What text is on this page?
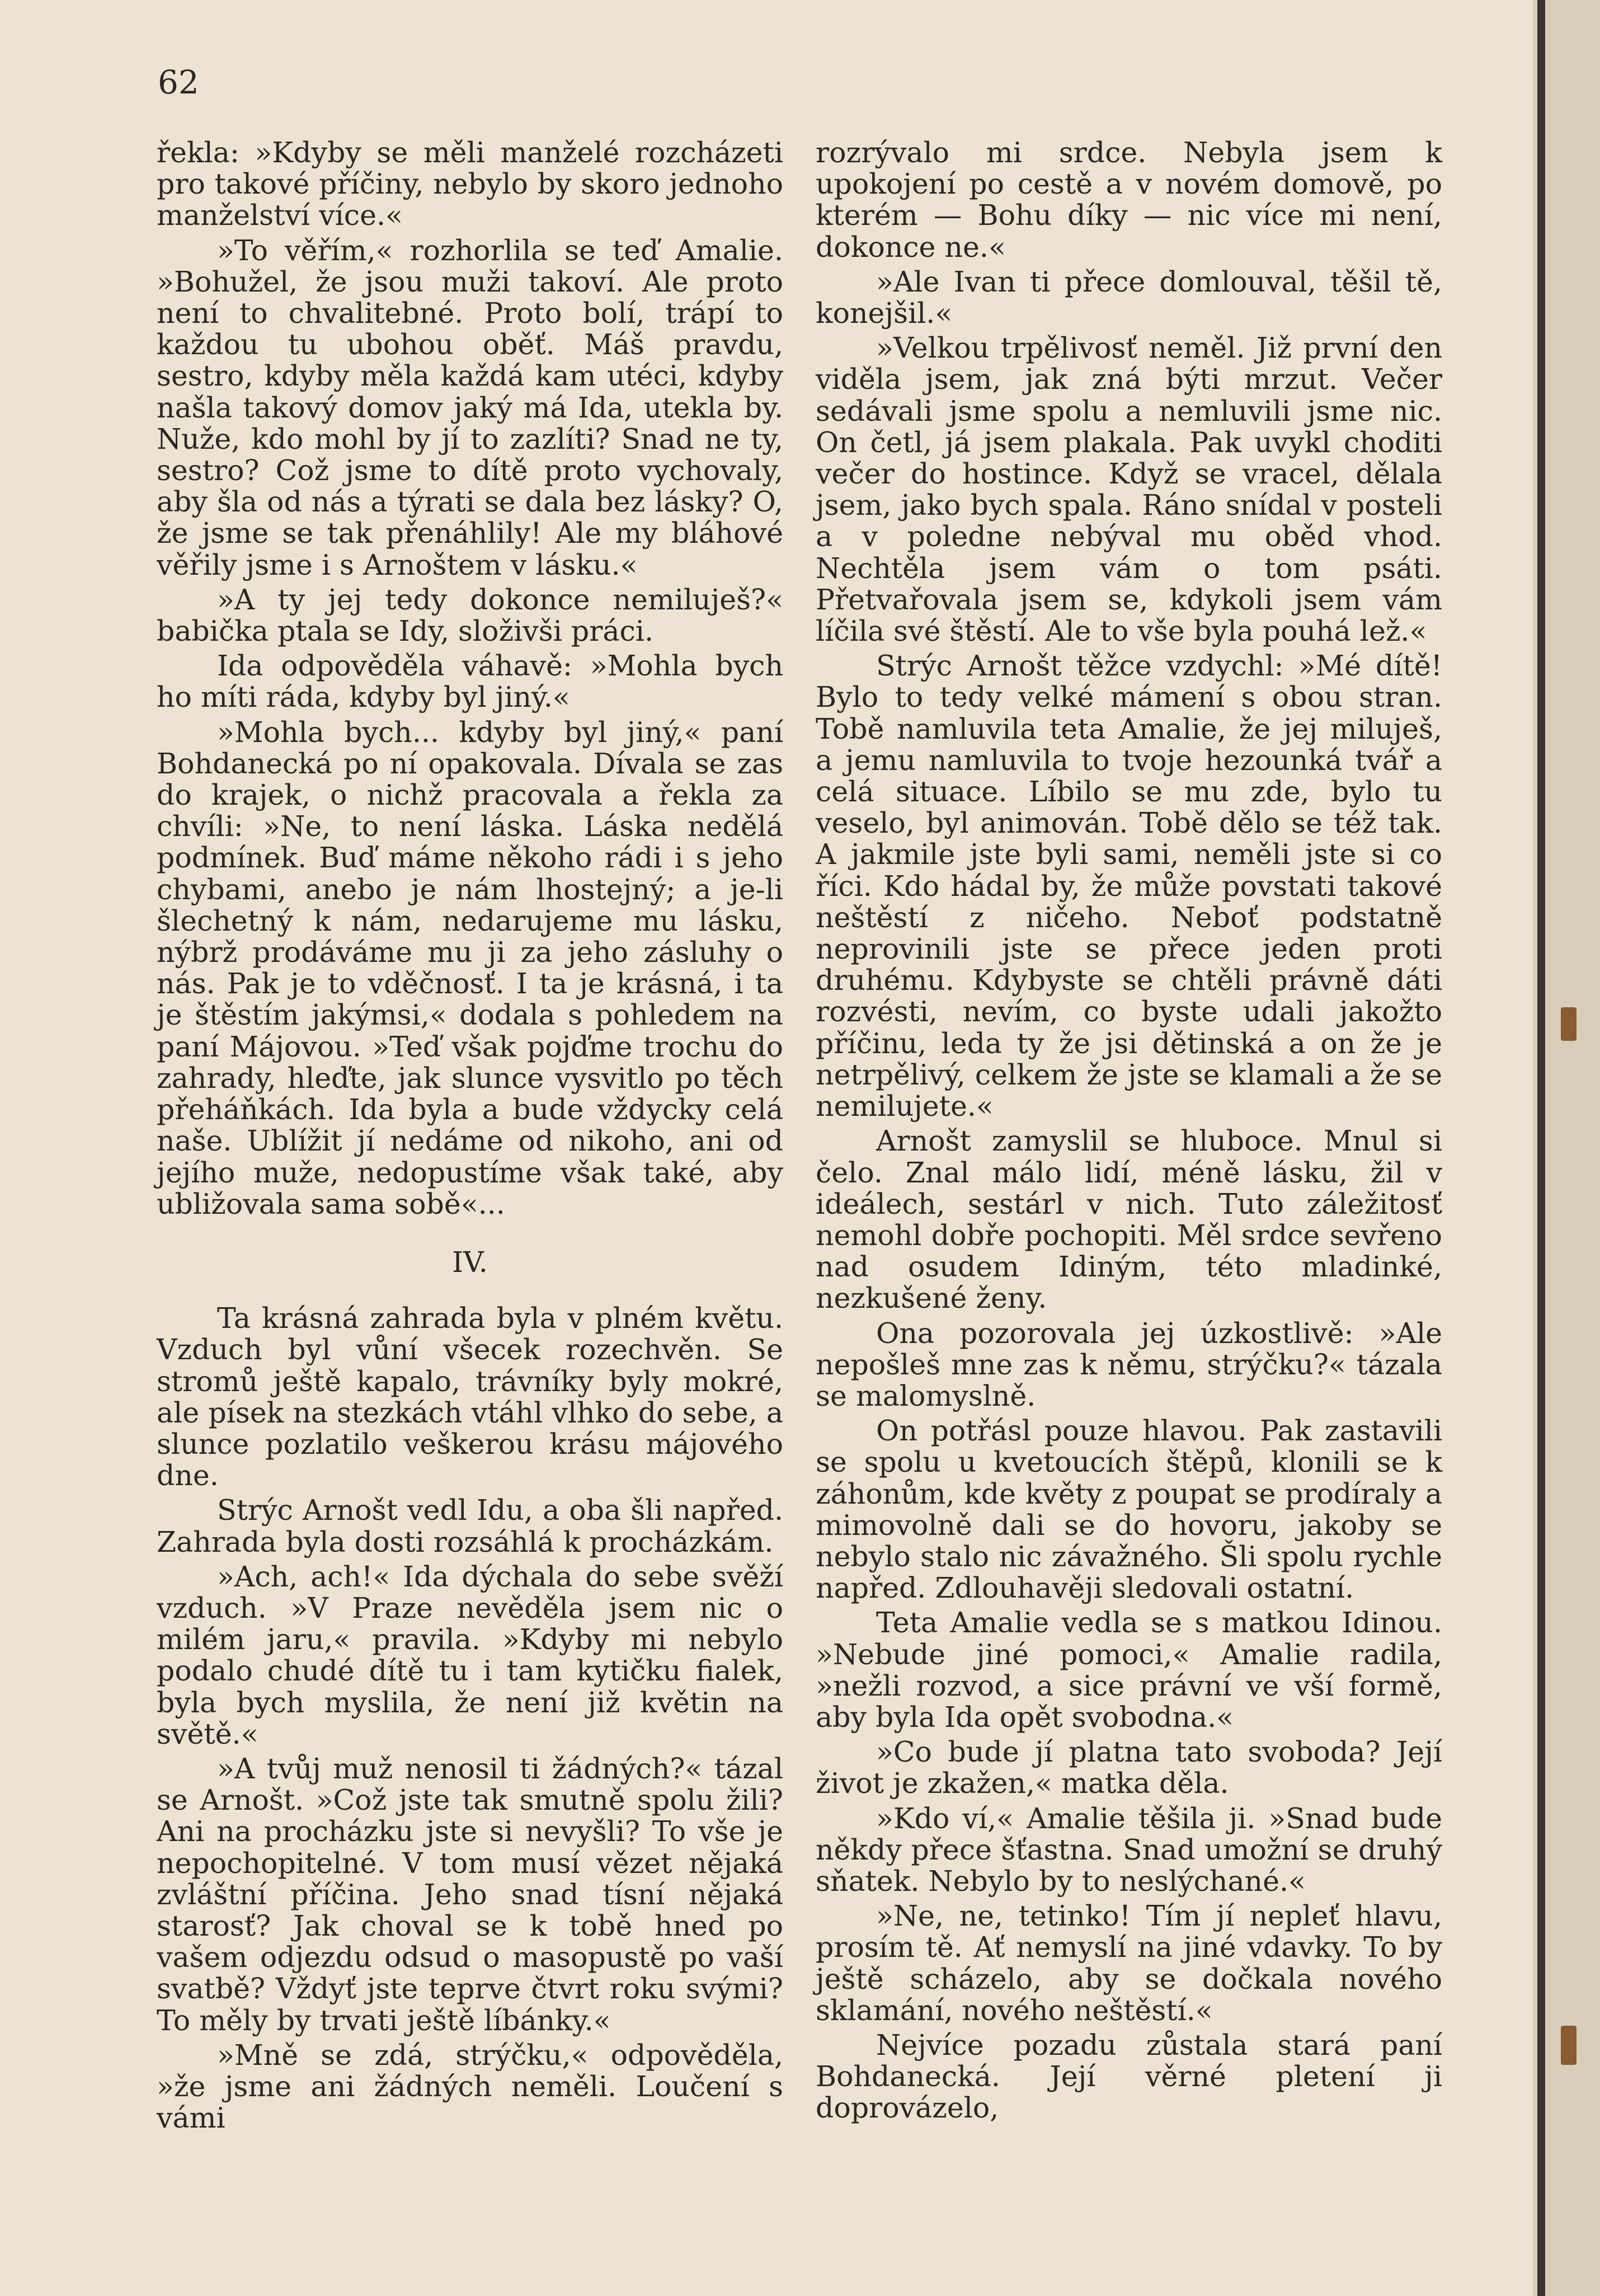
62

řekla: »Kdyby se měli manželé rozcházeti pro takové příčiny, nebylo by skoro jednoho manželství více.«

»To věřím,« rozhorlila se teď Amalie. »Bohužel, že jsou muži takoví. Ale proto není to chvalitebné. Proto bolí, trápí to každou tu ubohou oběť. Máš pravdu, sestro, kdyby měla každá kam utéci, kdyby našla takový domov jaký má Ida, utekla by. Nuže, kdo mohl by jí to zazlíti? Snad ne ty, sestro? Což jsme to dítě proto vychovaly, aby šla od nás a týrati se dala bez lásky? O, že jsme se tak přenáhlily! Ale my bláhové věřily jsme i s Arnoštem v lásku.«

»A ty jej tedy dokonce nemiluješ?« babička ptala se Idy, složivši práci.

Ida odpověděla váhavě: »Mohla bych ho míti ráda, kdyby byl jiný.«

»Mohla bych... kdyby byl jiný,« paní Bohdanecká po ní opakovala. Dívala se zas do krajek, o nichž pracovala a řekla za chvíli: »Ne, to není láska. Láska nedělá podmínek. Buď máme někoho rádi i s jeho chybami, anebo je nám lhostejný; a je-li šlechetný k nám, nedarujeme mu lásku, nýbrž prodáváme mu ji za jeho zásluhy o nás. Pak je to vděčnosť. I ta je krásná, i ta je štěstím jakýmsi,« dodala s pohledem na paní Májovou. »Teď však pojďme trochu do zahrady, hleďte, jak slunce vysvitlo po těch přeháňkách. Ida byla a bude vždycky celá naše. Ublížit jí nedáme od nikoho, ani od jejího muže, nedopustíme však také, aby ubližovala sama sobě«...

IV.

Ta krásná zahrada byla v plném květu. Vzduch byl vůní všecek rozechvěn. Se stromů ještě kapalo, trávníky byly mokré, ale písek na stezkách vtáhl vlhko do sebe, a slunce pozlatilo veškerou krásu májového dne.

Strýc Arnošt vedl Idu, a oba šli napřed. Zahrada byla dosti rozsáhlá k procházkám.

»Ach, ach!« Ida dýchala do sebe svěží vzduch. »V Praze nevěděla jsem nic o milém jaru,« pravila. »Kdyby mi nebylo podalo chudé dítě tu i tam kytičku fialek, byla bych myslila, že není již květin na světě.«

»A tvůj muž nenosil ti žádných?« tázal se Arnošt. »Což jste tak smutně spolu žili? Ani na procházku jste si nevyšli? To vše je nepochopitelné. V tom musí vězet nějaká zvláštní příčina. Jeho snad tísní nějaká starosť? Jak choval se k tobě hned po vašem odjezdu odsud o masopustě po vaší svatbě? Vždyť jste teprve čtvrt roku svými? To měly by trvati ještě líbánky.«

»Mně se zdá, strýčku,« odpověděla, »že jsme ani žádných neměli. Loučení s vámi

rozrývalo mi srdce. Nebyla jsem k upokojení po cestě a v novém domově, po kterém — Bohu díky — nic více mi není, dokonce ne.«

»Ale Ivan ti přece domlouval, těšil tě, konejšil.«

»Velkou trpělivosť neměl. Již první den viděla jsem, jak zná býti mrzut. Večer sedávali jsme spolu a nemluvili jsme nic. On četl, já jsem plakala. Pak uvykl choditi večer do hostince. Když se vracel, dělala jsem, jako bych spala. Ráno snídal v posteli a v poledne nebýval mu oběd vhod. Nechtěla jsem vám o tom psáti. Přetvařovala jsem se, kdykoli jsem vám líčila své štěstí. Ale to vše byla pouhá lež.«

Strýc Arnošt těžce vzdychl: »Mé dítě! Bylo to tedy velké mámení s obou stran. Tobě namluvila teta Amalie, že jej miluješ, a jemu namluvila to tvoje hezounká tvář a celá situace. Líbilo se mu zde, bylo tu veselo, byl animován. Tobě dělo se též tak. A jakmile jste byli sami, neměli jste si co říci. Kdo hádal by, že může povstati takové neštěstí z ničeho. Neboť podstatně neprovinili jste se přece jeden proti druhému. Kdybyste se chtěli právně dáti rozvésti, nevím, co byste udali jakožto příčinu, leda ty že jsi dětinská a on že je netrpělivý, celkem že jste se klamali a že se nemilujete.«

Arnošt zamyslil se hluboce. Mnul si čelo. Znal málo lidí, méně lásku, žil v ideálech, sestárl v nich. Tuto záležitosť nemohl dobře pochopiti. Měl srdce sevřeno nad osudem Idiným, této mladinké, nezkušené ženy.

Ona pozorovala jej úzkostlivě: »Ale nepošleš mne zas k němu, strýčku?« tázala se malomyslně.

On potřásl pouze hlavou. Pak zastavili se spolu u kvetoucích štěpů, klonili se k záhonům, kde květy z poupat se prodíraly a mimovolně dali se do hovoru, jakoby se nebylo stalo nic závažného. Šli spolu rychle napřed. Zdlouhavěji sledovali ostatní.

Teta Amalie vedla se s matkou Idinou. »Nebude jiné pomoci,« Amalie radila, »nežli rozvod, a sice právní ve vší formě, aby byla Ida opět svobodna.«

»Co bude jí platna tato svoboda? Její život je zkažen,« matka děla.

»Kdo ví,« Amalie těšila ji. »Snad bude někdy přece šťastna. Snad umožní se druhý sňatek. Nebylo by to neslýchané.«

»Ne, ne, tetinko! Tím jí nepleť hlavu, prosím tě. Ať nemyslí na jiné vdavky. To by ještě scházelo, aby se dočkala nového sklamání, nového neštěstí.«

Nejvíce pozadu zůstala stará paní Bohdanecká. Její věrné pletení ji doprovázelo,
